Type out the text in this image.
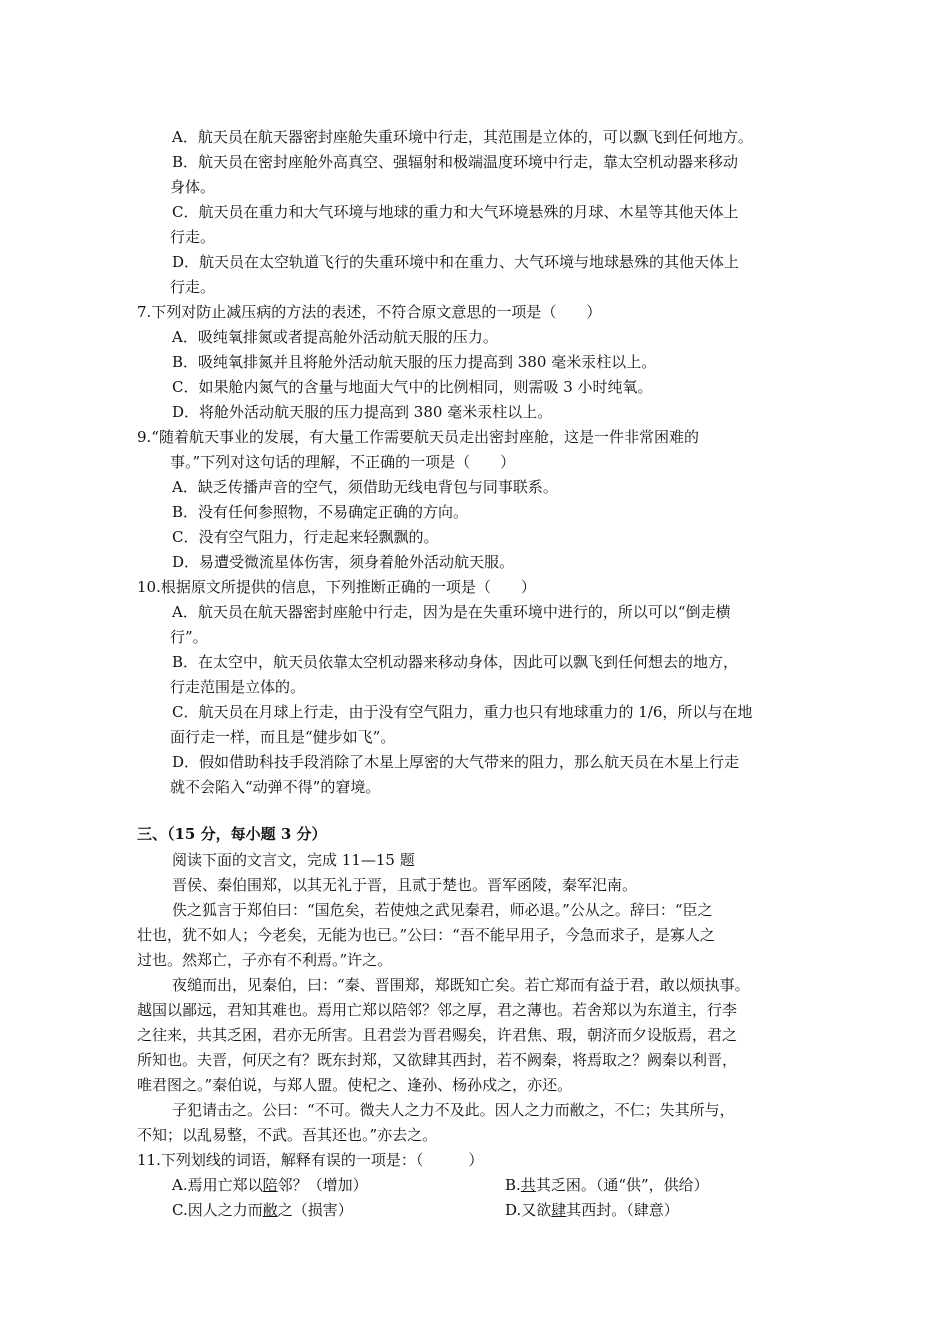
A．航天员在航天器密封座舱失重环境中行走，其范围是立体的，可以飘飞到任何地方。
B．航天员在密封座舱外高真空、强辐射和极端温度环境中行走，靠太空机动器来移动
身体。
C．航天员在重力和大气环境与地球的重力和大气环境悬殊的月球、木星等其他天体上
行走。
D．航天员在太空轨道飞行的失重环境中和在重力、大气环境与地球悬殊的其他天体上
行走。
7.下列对防止减压病的方法的表述，不符合原文意思的一项是（　　）
A．吸纯氧排氮或者提高舱外活动航天服的压力。
B．吸纯氧排氮并且将舱外活动航天服的压力提高到 380 毫米汞柱以上。
C．如果舱内氮气的含量与地面大气中的比例相同，则需吸 3 小时纯氧。
D．将舱外活动航天服的压力提高到 380 毫米汞柱以上。
9.“随着航天事业的发展，有大量工作需要航天员走出密封座舱，这是一件非常困难的
事。”下列对这句话的理解，不正确的一项是（　　）
A．缺乏传播声音的空气，须借助无线电背包与同事联系。
B．没有任何参照物，不易确定正确的方向。
C．没有空气阻力，行走起来轻飘飘的。
D．易遭受微流星体伤害，须身着舱外活动航天服。
10.根据原文所提供的信息，下列推断正确的一项是（　　）
A．航天员在航天器密封座舱中行走，因为是在失重环境中进行的，所以可以“倒走横
行”。
B．在太空中，航天员依靠太空机动器来移动身体，因此可以飘飞到任何想去的地方，
行走范围是立体的。
C．航天员在月球上行走，由于没有空气阻力，重力也只有地球重力的 1/6，所以与在地
面行走一样，而且是“健步如飞”。
D．假如借助科技手段消除了木星上厚密的大气带来的阻力，那么航天员在木星上行走
就不会陷入“动弹不得”的窘境。
三、（15 分，每小题 3 分）
阅读下面的文言文，完成 11—15 题
晋侯、秦伯围郑，以其无礼于晋，且贰于楚也。晋军函陵，秦军汜南。
佚之狐言于郑伯曰：“国危矣，若使烛之武见秦君，师必退。”公从之。辞曰：“臣之
壮也，犹不如人；今老矣，无能为也已。”公曰：“吾不能早用子，今急而求子，是寡人之
过也。然郑亡，子亦有不利焉。”许之。
夜缒而出，见秦伯，曰：“秦、晋围郑，郑既知亡矣。若亡郑而有益于君，敢以烦执事。
越国以鄙远，君知其难也。焉用亡郑以陪邻？邻之厚，君之薄也。若舍郑以为东道主，行李
之往来，共其乏困，君亦无所害。且君尝为晋君赐矣，许君焦、瑕，朝济而夕设版焉，君之
所知也。夫晋，何厌之有？既东封郑，又欲肆其西封，若不阙秦，将焉取之？阙秦以利晋，
唯君图之。”秦伯说，与郑人盟。使杞之、逢孙、杨孙戍之，亦还。
子犯请击之。公曰：“不可。微夫人之力不及此。因人之力而敝之，不仁；失其所与，
不知；以乱易整，不武。吾其还也。”亦去之。
11.下列划线的词语，解释有误的一项是：（　　　）
A.焉用亡郑以陪邻？（增加）	B.共其乏困。（通“供”，供给）
C.因人之力而敝之（损害）	D.又欲肆其西封。（肆意）
